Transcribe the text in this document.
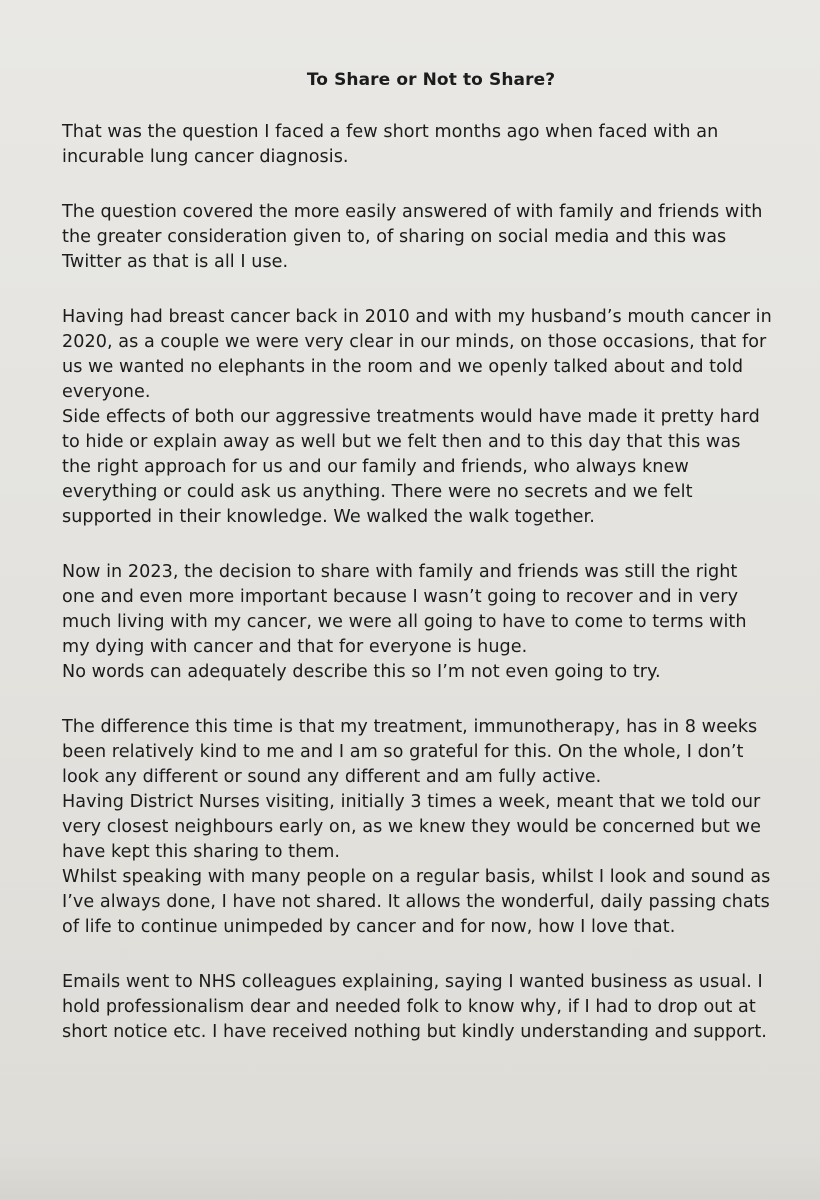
To Share or Not to Share?
That was the question I faced a few short months ago when faced with an
incurable lung cancer diagnosis.
The question covered the more easily answered of with family and friends with
the greater consideration given to, of sharing on social media and this was
Twitter as that is all I use.
Having had breast cancer back in 2010 and with my husband’s mouth cancer in
2020, as a couple we were very clear in our minds, on those occasions, that for
us we wanted no elephants in the room and we openly talked about and told
everyone.
Side effects of both our aggressive treatments would have made it pretty hard
to hide or explain away as well but we felt then and to this day that this was
the right approach for us and our family and friends, who always knew
everything or could ask us anything. There were no secrets and we felt
supported in their knowledge. We walked the walk together.
Now in 2023, the decision to share with family and friends was still the right
one and even more important because I wasn’t going to recover and in very
much living with my cancer, we were all going to have to come to terms with
my dying with cancer and that for everyone is huge.
No words can adequately describe this so I’m not even going to try.
The difference this time is that my treatment, immunotherapy, has in 8 weeks
been relatively kind to me and I am so grateful for this. On the whole, I don’t
look any different or sound any different and am fully active.
Having District Nurses visiting, initially 3 times a week, meant that we told our
very closest neighbours early on, as we knew they would be concerned but we
have kept this sharing to them.
Whilst speaking with many people on a regular basis, whilst I look and sound as
I’ve always done, I have not shared. It allows the wonderful, daily passing chats
of life to continue unimpeded by cancer and for now, how I love that.
Emails went to NHS colleagues explaining, saying I wanted business as usual. I
hold professionalism dear and needed folk to know why, if I had to drop out at
short notice etc. I have received nothing but kindly understanding and support.
